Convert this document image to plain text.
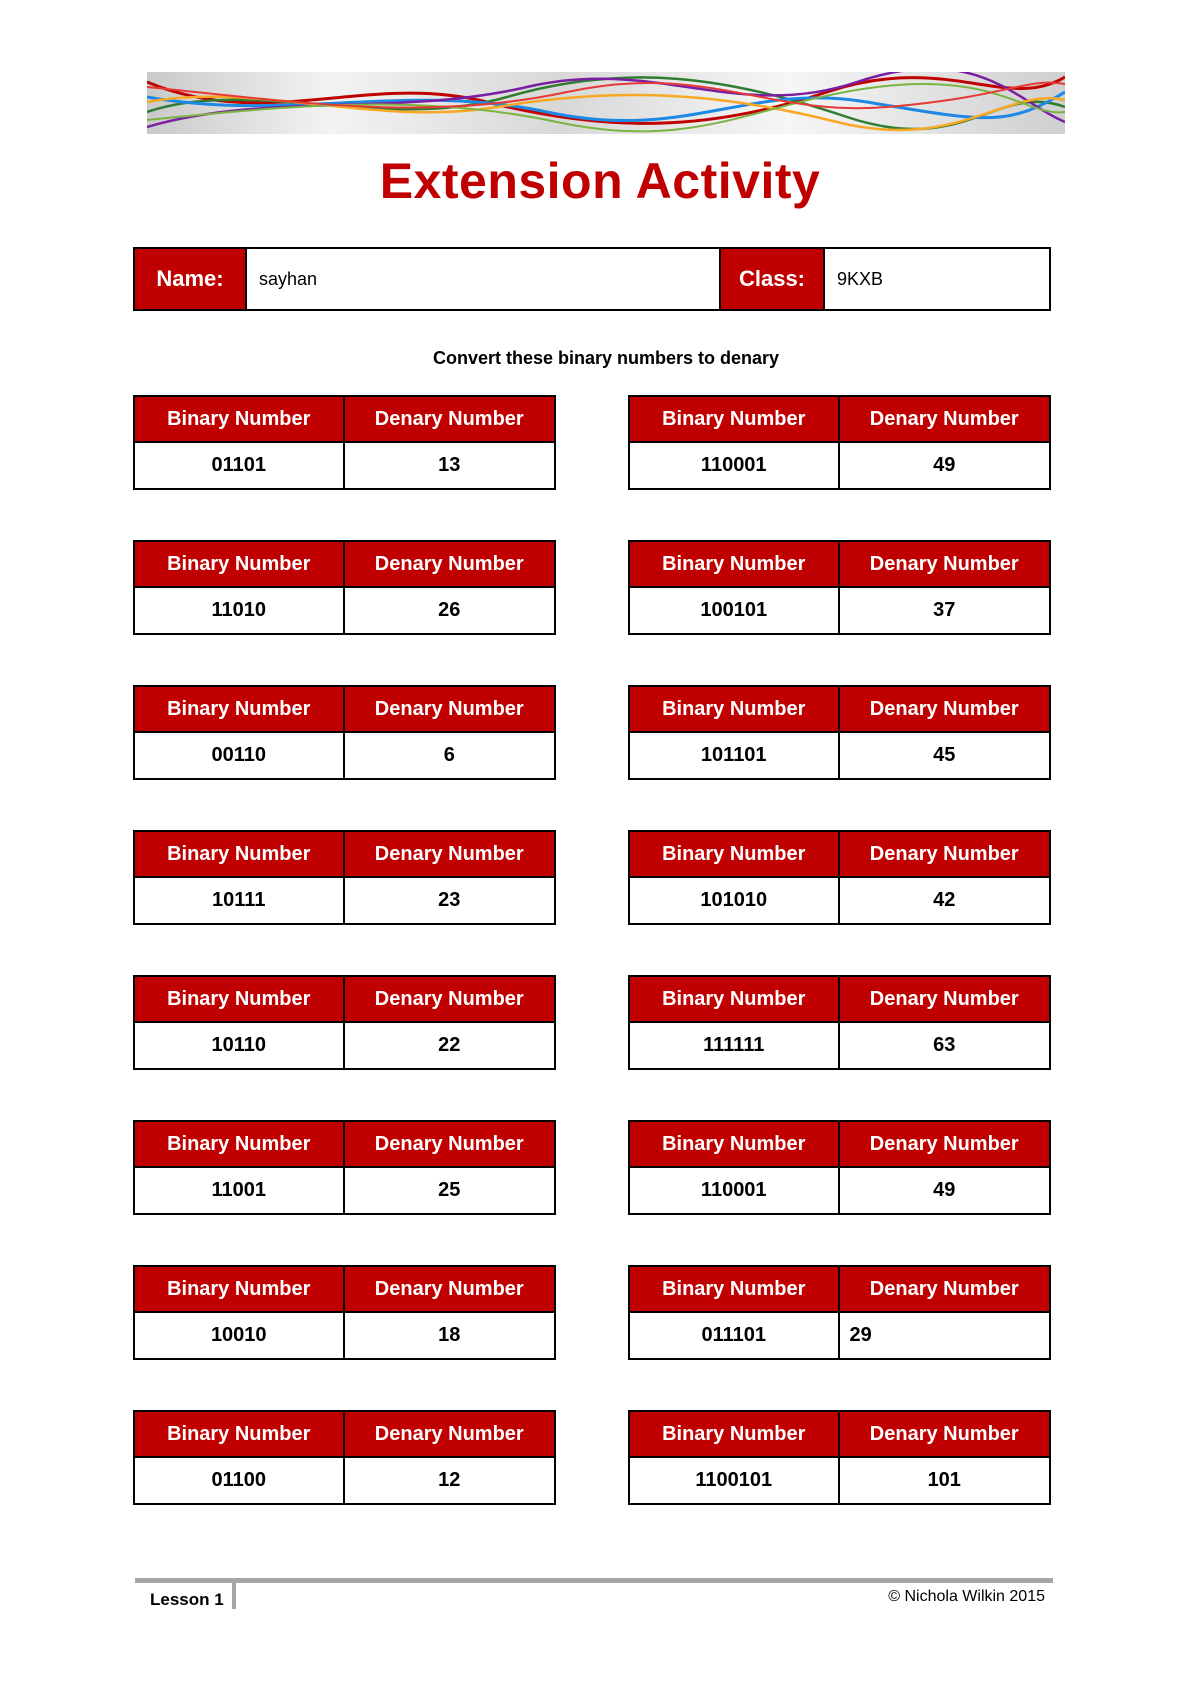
Extension Activity
Name:	sayhan	Class:	9KXB
Convert these binary numbers to denary
Binary Number	Denary Number
01101	13
Binary Number	Denary Number
11010	26
Binary Number	Denary Number
00110	6
Binary Number	Denary Number
10111	23
Binary Number	Denary Number
10110	22
Binary Number	Denary Number
11001	25
Binary Number	Denary Number
10010	18
Binary Number	Denary Number
01100	12
Binary Number	Denary Number
110001	49
Binary Number	Denary Number
100101	37
Binary Number	Denary Number
101101	45
Binary Number	Denary Number
101010	42
Binary Number	Denary Number
111111	63
Binary Number	Denary Number
110001	49
Binary Number	Denary Number
011101	29
Binary Number	Denary Number
1100101	101
Lesson 1	© Nichola Wilkin 2015
